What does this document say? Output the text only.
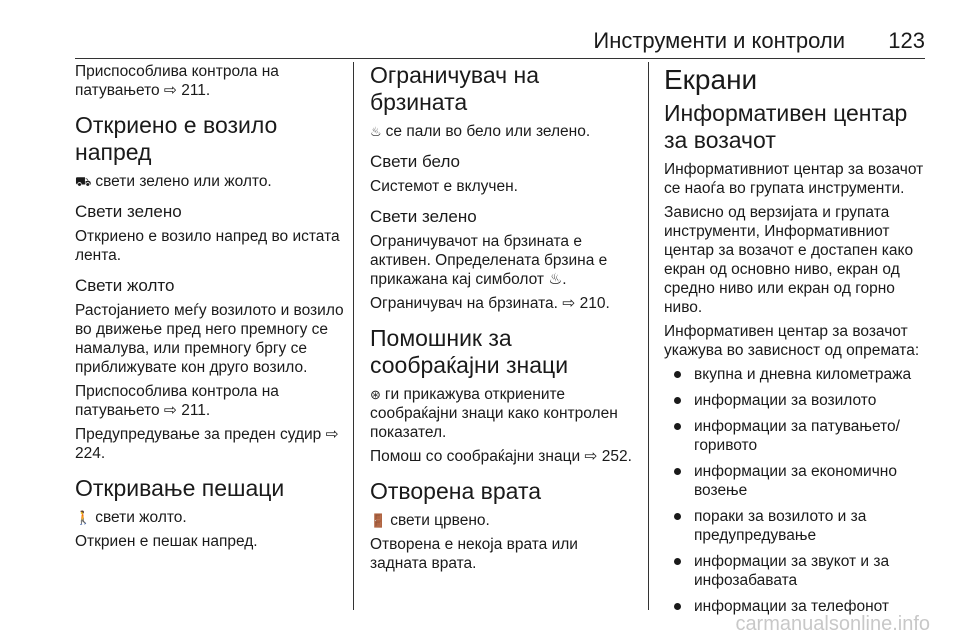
Инструменти и контроли 123

Приспособлива контрола на патувањето ⇨ 211.

Откриено е возило напред

⛟ свети зелено или жолто.

Свети зелено

Откриено е возило напред во истата лента.

Свети жолто

Растојанието меѓу возилото и возило во движење пред него премногу се намалува, или премногу бргу се приближувате кон друго возило.

Приспособлива контрола на патувањето ⇨ 211.

Предупредување за преден судир ⇨ 224.

Откривање пешаци

🚶 свети жолто.

Откриен е пешак напред.

Ограничувач на брзината

♨ се пали во бело или зелено.

Свети бело

Системот е вклучен.

Свети зелено

Ограничувачот на брзината е активен. Определената брзина е прикажана кај симболот ♨.

Ограничувач на брзината. ⇨ 210.

Помошник за сообраќајни знаци

⊛ ги прикажува откриените сообраќајни знаци како контролен показател.

Помош со сообраќајни знаци ⇨ 252.

Отворена врата

🚪 свети црвено.

Отворена е некоја врата или задната врата.

Екрани
Информативен центар за возачот

Информативниот центар за возачот се наоѓа во групата инструменти.

Зависно од верзијата и групата инструменти, Информативниот центар за возачот е достапен како екран од основно ниво, екран од средно ниво или екран од горно ниво.

Информативен центар за возачот укажува во зависност од опремата:

вкупна и дневна километража
информации за возилото
информации за патувањето/ горивото
информации за економично возење
пораки за возилото и за предупредување
информации за звукот и за инфозабавата
информации за телефонот
carmanualsonline.info
